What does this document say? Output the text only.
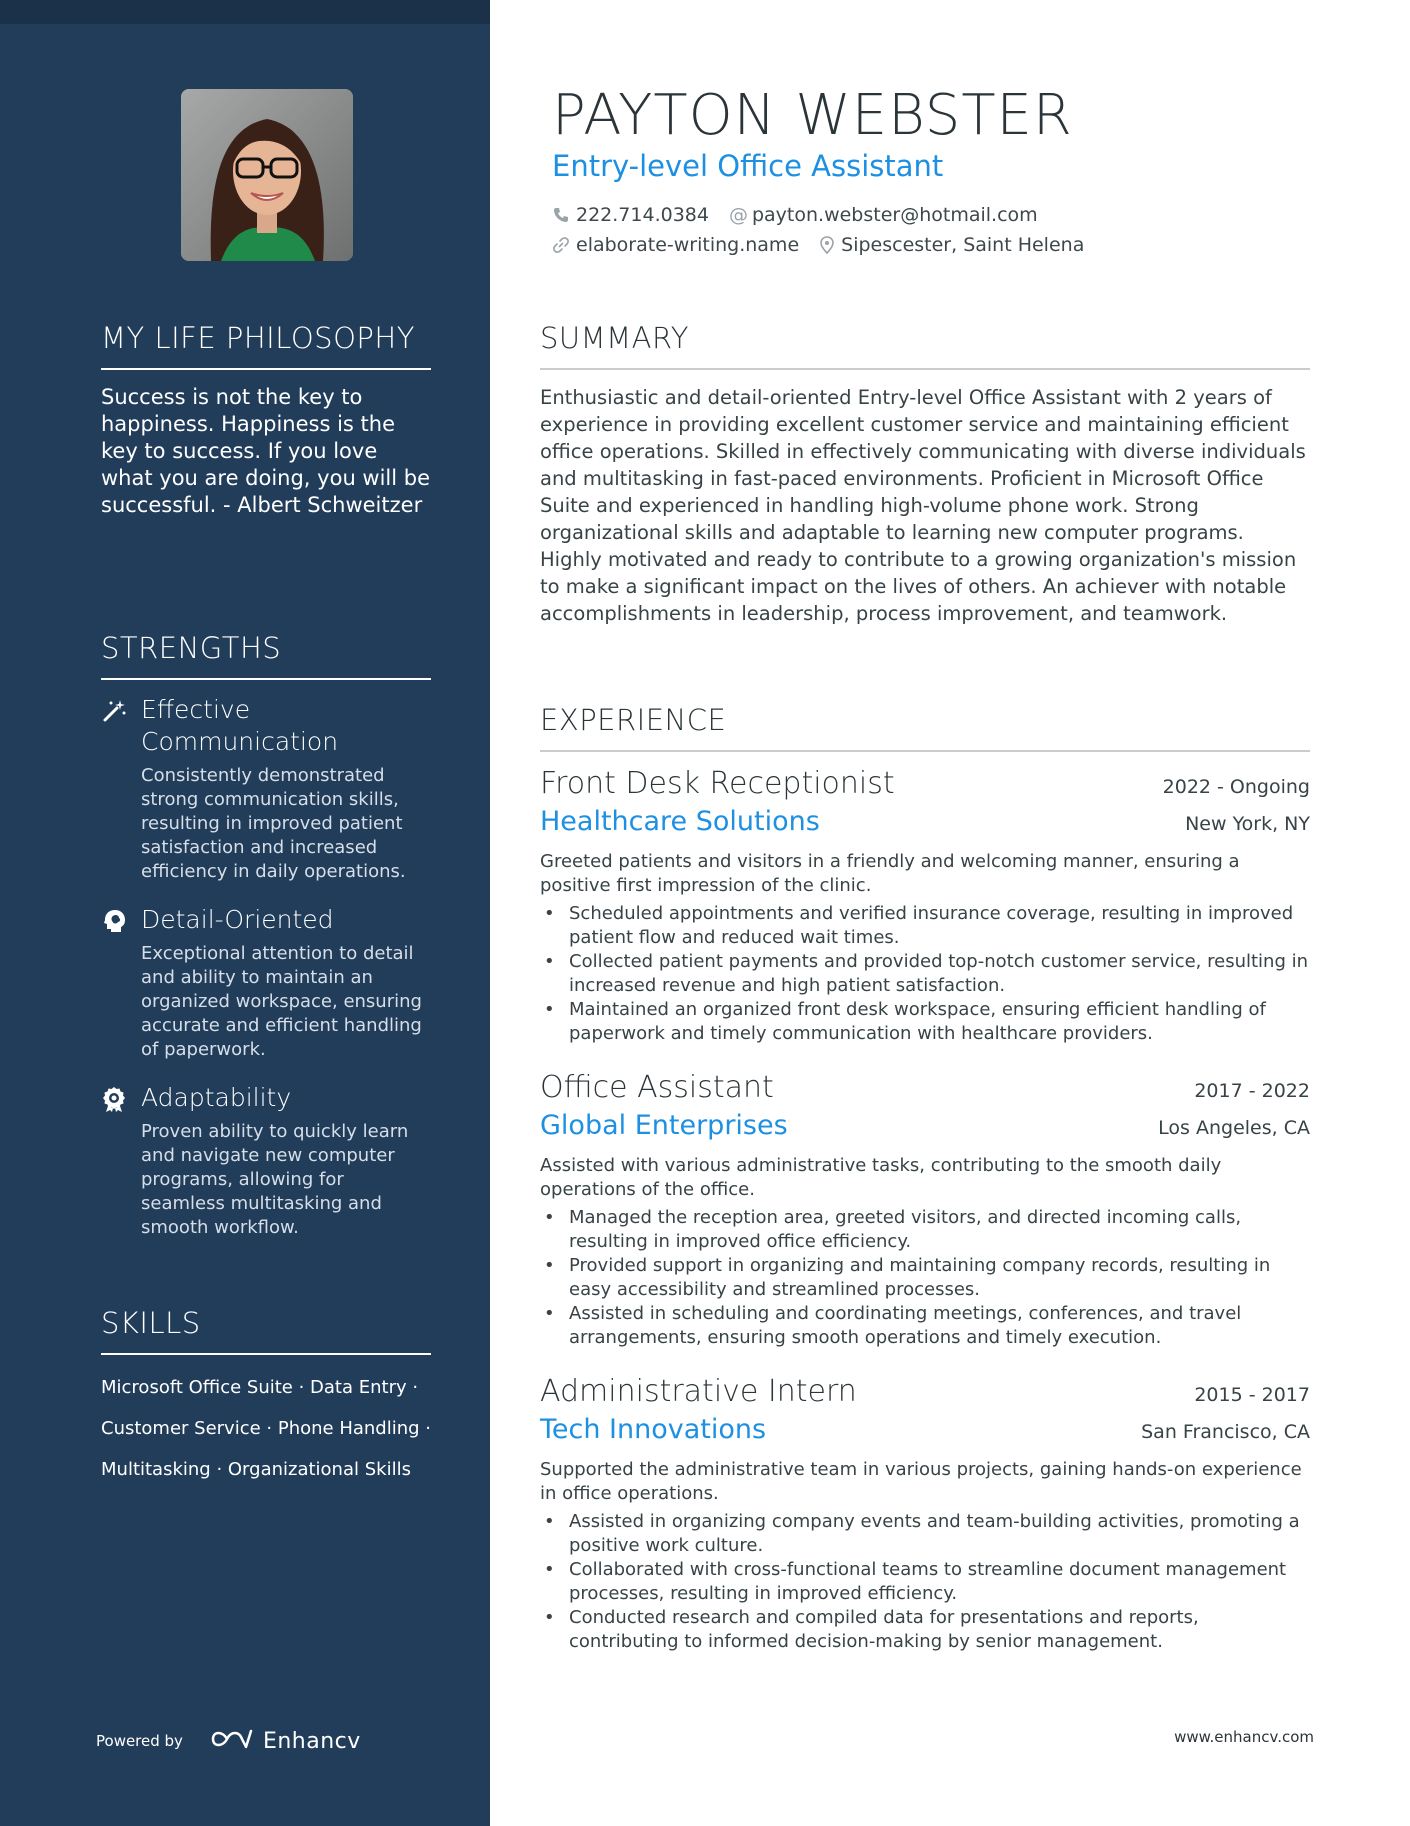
MY LIFE PHILOSOPHY
Success is not the key to happiness. Happiness is the key to success. If you love what you are doing, you will be successful. - Albert Schweitzer
STRENGTHS
Effective Communication
Consistently demonstrated strong communication skills, resulting in improved patient satisfaction and increased efficiency in daily operations.
Detail-Oriented
Exceptional attention to detail and ability to maintain an organized workspace, ensuring accurate and efficient handling of paperwork.
Adaptability
Proven ability to quickly learn and navigate new computer programs, allowing for seamless multitasking and smooth workflow.
SKILLS
Microsoft Office Suite · Data Entry ·
Customer Service · Phone Handling ·
Multitasking · Organizational Skills
Powered by	Enhancv
PAYTON WEBSTER
Entry-level Office Assistant
222.714.0384 @ payton.webster@hotmail.com
elaborate-writing.name Sipescester, Saint Helena
SUMMARY
Enthusiastic and detail-oriented Entry-level Office Assistant with 2 years of experience in providing excellent customer service and maintaining efficient office operations. Skilled in effectively communicating with diverse individuals and multitasking in fast-paced environments. Proficient in Microsoft Office Suite and experienced in handling high-volume phone work. Strong organizational skills and adaptable to learning new computer programs. Highly motivated and ready to contribute to a growing organization's mission to make a significant impact on the lives of others. An achiever with notable accomplishments in leadership, process improvement, and teamwork.
EXPERIENCE
Front Desk Receptionist	2022 - Ongoing
Healthcare Solutions	New York, NY
Greeted patients and visitors in a friendly and welcoming manner, ensuring a positive first impression of the clinic.
• Scheduled appointments and verified insurance coverage, resulting in improved patient flow and reduced wait times.
• Collected patient payments and provided top-notch customer service, resulting in increased revenue and high patient satisfaction.
• Maintained an organized front desk workspace, ensuring efficient handling of paperwork and timely communication with healthcare providers.
Office Assistant	2017 - 2022
Global Enterprises	Los Angeles, CA
Assisted with various administrative tasks, contributing to the smooth daily operations of the office.
• Managed the reception area, greeted visitors, and directed incoming calls, resulting in improved office efficiency.
• Provided support in organizing and maintaining company records, resulting in easy accessibility and streamlined processes.
• Assisted in scheduling and coordinating meetings, conferences, and travel arrangements, ensuring smooth operations and timely execution.
Administrative Intern	2015 - 2017
Tech Innovations	San Francisco, CA
Supported the administrative team in various projects, gaining hands-on experience in office operations.
• Assisted in organizing company events and team-building activities, promoting a positive work culture.
• Collaborated with cross-functional teams to streamline document management processes, resulting in improved efficiency.
• Conducted research and compiled data for presentations and reports, contributing to informed decision-making by senior management.
www.enhancv.com
